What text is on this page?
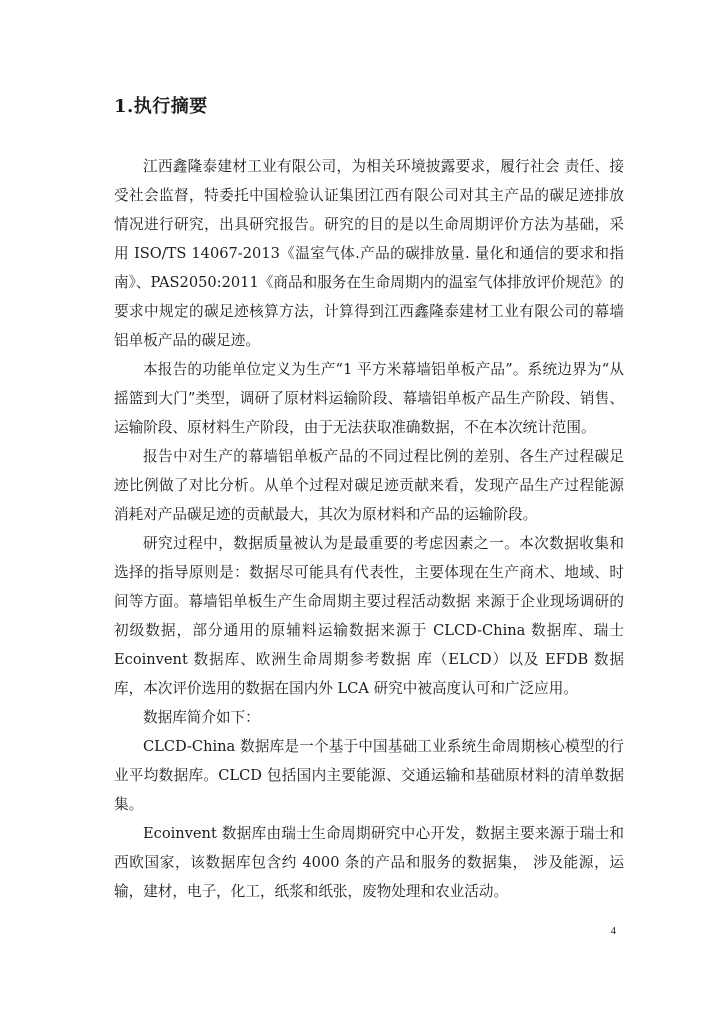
1.执行摘要

江西鑫隆泰建材工业有限公司，为相关环境披露要求，履行社会 责任、接受社会监督，特委托中国检验认证集团江西有限公司对其主产品的碳足迹排放情况进行研究，出具研究报告。研究的目的是以生命周期评价方法为基础，采用 ISO/TS 14067-2013《温室气体.产品的碳排放量. 量化和通信的要求和指南》、PAS2050:2011《商品和服务在生命周期内的温室气体排放评价规范》的要求中规定的碳足迹核算方法，计算得到江西鑫隆泰建材工业有限公司的幕墙铝单板产品的碳足迹。

本报告的功能单位定义为生产“1 平方米幕墙铝单板产品”。系统边界为“从摇篮到大门”类型，调研了原材料运输阶段、幕墙铝单板产品生产阶段、销售、运输阶段、原材料生产阶段，由于无法获取准确数据，不在本次统计范围。

报告中对生产的幕墙铝单板产品的不同过程比例的差别、各生产过程碳足迹比例做了对比分析。从单个过程对碳足迹贡献来看，发现产品生产过程能源消耗对产品碳足迹的贡献最大，其次为原材料和产品的运输阶段。

研究过程中，数据质量被认为是最重要的考虑因素之一。本次数据收集和选择的指导原则是：数据尽可能具有代表性，主要体现在生产商术、地域、时间等方面。幕墙铝单板生产生命周期主要过程活动数据 来源于企业现场调研的初级数据，部分通用的原辅料运输数据来源于 CLCD-China 数据库、瑞士 Ecoinvent 数据库、欧洲生命周期参考数据 库（ELCD）以及 EFDB 数据库，本次评价选用的数据在国内外 LCA 研究中被高度认可和广泛应用。

数据库简介如下：

CLCD-China 数据库是一个基于中国基础工业系统生命周期核心模型的行业平均数据库。CLCD 包括国内主要能源、交通运输和基础原材料的清单数据集。

Ecoinvent 数据库由瑞士生命周期研究中心开发，数据主要来源于瑞士和西欧国家，该数据库包含约 4000 条的产品和服务的数据集， 涉及能源，运输，建材，电子，化工，纸浆和纸张，废物处理和农业活动。

4
